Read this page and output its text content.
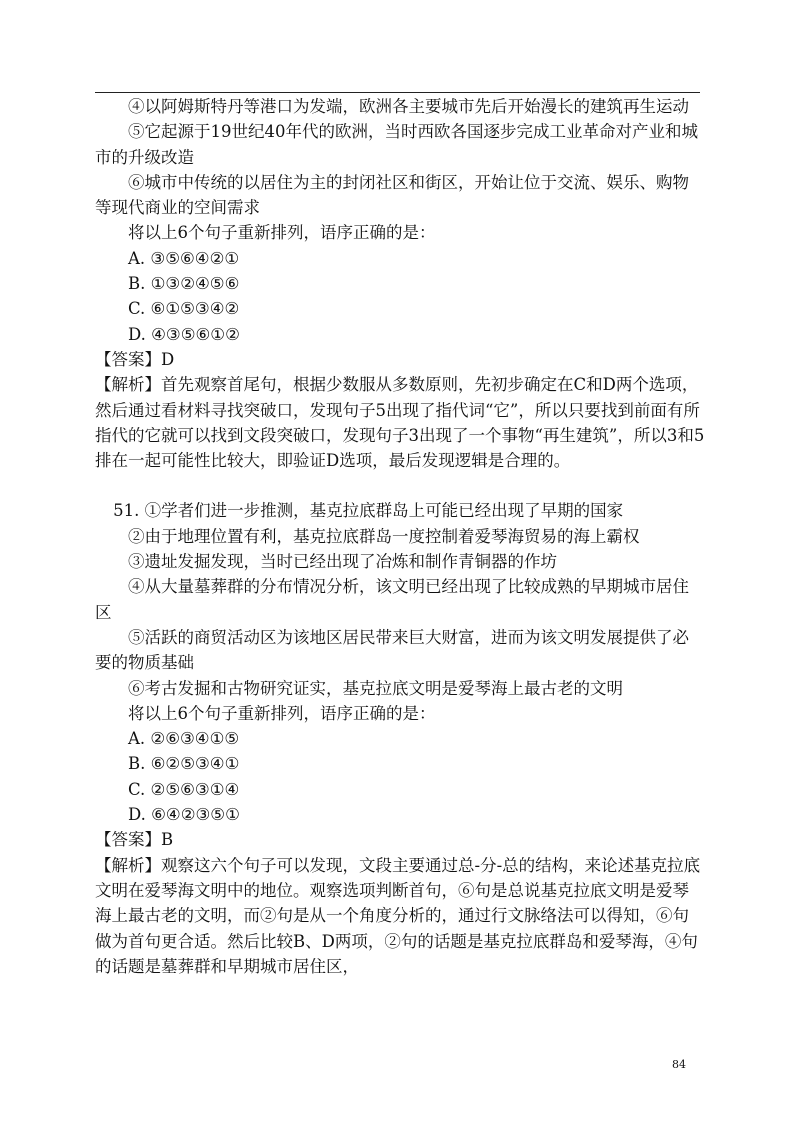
④以阿姆斯特丹等港口为发端，欧洲各主要城市先后开始漫长的建筑再生运动

⑤它起源于19世纪40年代的欧洲，当时西欧各国逐步完成工业革命对产业和城市的升级改造

⑥城市中传统的以居住为主的封闭社区和街区，开始让位于交流、娱乐、购物等现代商业的空间需求

将以上6个句子重新排列，语序正确的是：

A. ③⑤⑥④②①

B. ①③②④⑤⑥

C. ⑥①⑤③④②

D. ④③⑤⑥①②

【答案】D

【解析】首先观察首尾句，根据少数服从多数原则，先初步确定在C和D两个选项，然后通过看材料寻找突破口，发现句子5出现了指代词“它”，所以只要找到前面有所指代的它就可以找到文段突破口，发现句子3出现了一个事物“再生建筑”，所以3和5排在一起可能性比较大，即验证D选项，最后发现逻辑是合理的。

51. ①学者们进一步推测，基克拉底群岛上可能已经出现了早期的国家

②由于地理位置有利，基克拉底群岛一度控制着爱琴海贸易的海上霸权

③遗址发掘发现，当时已经出现了冶炼和制作青铜器的作坊

④从大量墓葬群的分布情况分析，该文明已经出现了比较成熟的早期城市居住区

⑤活跃的商贸活动区为该地区居民带来巨大财富，进而为该文明发展提供了必要的物质基础

⑥考古发掘和古物研究证实，基克拉底文明是爱琴海上最古老的文明

将以上6个句子重新排列，语序正确的是：

A. ②⑥③④①⑤

B. ⑥②⑤③④①

C. ②⑤⑥③①④

D. ⑥④②③⑤①

【答案】B

【解析】观察这六个句子可以发现，文段主要通过总-分-总的结构，来论述基克拉底文明在爱琴海文明中的地位。观察选项判断首句，⑥句是总说基克拉底文明是爱琴海上最古老的文明，而②句是从一个角度分析的，通过行文脉络法可以得知，⑥句做为首句更合适。然后比较B、D两项，②句的话题是基克拉底群岛和爱琴海，④句的话题是墓葬群和早期城市居住区，

84
